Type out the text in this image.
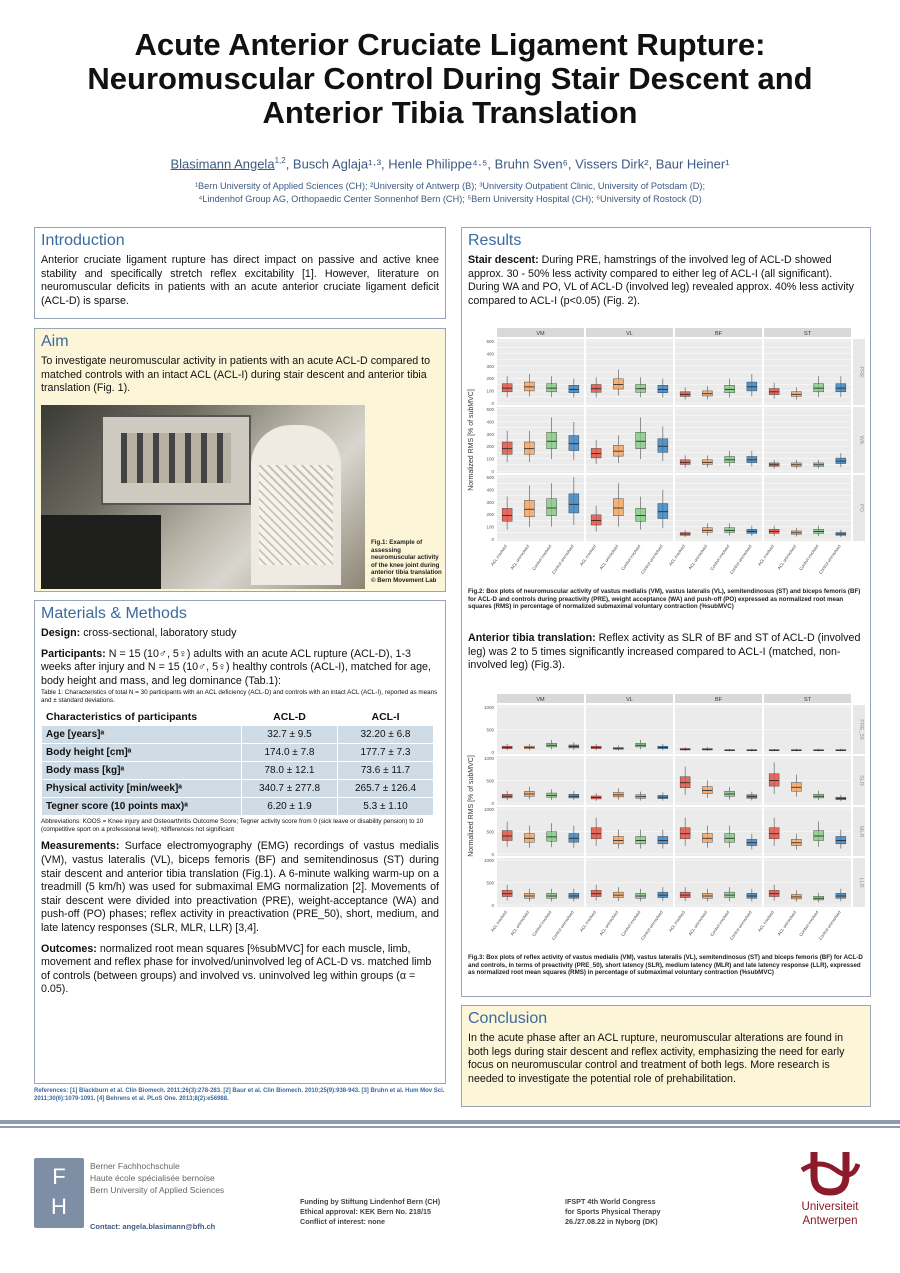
Acute Anterior Cruciate Ligament Rupture: Neuromuscular Control During Stair Descent and Anterior Tibia Translation
Blasimann Angela$^{1,2}$, Busch Aglaja¹·³, Henle Philippe⁴·⁵, Bruhn Sven⁶, Vissers Dirk², Baur Heiner¹
¹Bern University of Applied Sciences (CH); ²University of Antwerp (B); ³University Outpatient Clinic, University of Potsdam (D);
⁴Lindenhof Group AG, Orthopaedic Center Sonnenhof Bern (CH); ⁵Bern University Hospital (CH); ⁶University of Rostock (D)
Introduction
Anterior cruciate ligament rupture has direct impact on passive and active knee stability and specifically stretch reflex excitability [1]. However, literature on neuromuscular deficits in patients with an acute anterior cruciate ligament deficit (ACL-D) is sparse.
Aim
To investigate neuromuscular activity in patients with an acute ACL-D compared to matched controls with an intact ACL (ACL-I) during stair descent and anterior tibia translation (Fig. 1).
Fig.1: Example of assessing neuromuscular activity of the knee joint during anterior tibia translation © Bern Movement Lab
Materials & Methods
Design: cross-sectional, laboratory study
Participants: N = 15 (10♂, 5♀) adults with an acute ACL rupture (ACL-D), 1-3 weeks after injury and N = 15 (10♂, 5♀) healthy controls (ACL-I), matched for age, body height and mass, and leg dominance (Tab.1):
Table 1: Characteristics of total N = 30 participants with an ACL deficiency (ACL-D) and controls with an intact ACL (ACL-I), reported as means and ± standard deviations.
Characteristics of participants	ACL-D	ACL-I
Age [years]ᵃ	32.7 ± 9.5	32.20 ± 6.8
Body height [cm]ᵃ	174.0 ± 7.8	177.7 ± 7.3
Body mass [kg]ᵃ	78.0 ± 12.1	73.6 ± 11.7
Physical activity [min/week]ᵃ	340.7 ± 277.8	265.7 ± 126.4
Tegner score (10 points max)ᵃ	6.20 ± 1.9	5.3 ± 1.10
Abbreviations: KOOS = Knee injury and Osteoarthritis Outcome Score; Tegner activity score from 0 (sick leave or disability pension) to 10 (competitive sport on a professional level); ᵃdifferences not significant
Measurements: Surface electromyography (EMG) recordings of vastus medialis (VM), vastus lateralis (VL), biceps femoris (BF) and semitendinosus (ST) during stair descent and anterior tibia translation (Fig.1). A 6-minute walking warm-up on a treadmill (5 km/h) was used for submaximal EMG normalization [2]. Movements of stair descent were divided into preactivation (PRE), weight-acceptance (WA) and push-off (PO) phases; reflex activity in preactivation (PRE_50), short, medium, and late latency responses (SLR, MLR, LLR) [3,4].
Outcomes: normalized root mean squares [%subMVC] for each muscle, limb, movement and reflex phase for involved/uninvolved leg of ACL-D vs. matched limb of controls (between groups) and involved vs. uninvolved leg within groups (α = 0.05).
References: [1] Blackburn et al. Clin Biomech. 2011;26(3):278-283. [2] Baur et al. Clin Biomech. 2010;25(9):938-943. [3] Bruhn et al. Hum Mov Sci. 2011;30(6):1079-1091. [4] Behrens et al. PLoS One. 2013;8(2):e56988.
Results
Stair descent: During PRE, hamstrings of the involved leg of ACL-D showed approx. 30 - 50% less activity compared to either leg of ACL-I (all significant). During WA and PO, VL of ACL-D (involved leg) revealed approx. 40% less activity compared to ACL-I (p<0.05) (Fig. 2).
Normalized RMS [% of subMVC]
VM	VL	BF	ST
0
100
200
300
400
500
0
100
200
300
400
500
0
100
200
300
400
500
ACL involved ACL uninvolved Control involved
Control uninvolved ACL involved ACL uninvolved Control involved
Control uninvolved ACL involved ACL uninvolved Control involved
Control uninvolved ACL involved ACL uninvolved Control involved
Control uninvolved
Fig.2: Box plots of neuromuscular activity of vastus medialis (VM), vastus lateralis (VL), semitendinosus (ST) and biceps femoris (BF) for ACL-D and controls during preactivity (PRE), weight acceptance (WA) and push-off (PO) expressed as normalized root mean squares (RMS) in percentage of normalized submaximal voluntary contraction (%subMVC)
Anterior tibia translation: Reflex activity as SLR of BF and ST of ACL-D (involved leg) was 2 to 5 times significantly increased compared to ACL-I (matched, non-involved leg) (Fig.3).
Normalized RMS [% of subMVC]
VM	VL	BF	ST
0
500
1000
0
500
1000
0
500
1000
0
500
1000
ACL involved ACL uninvolved Control involved
Control uninvolved ACL involved ACL uninvolved Control involved
Control uninvolved ACL involved ACL uninvolved Control involved
Control uninvolved ACL involved ACL uninvolved Control involved
Control uninvolved
Fig.3: Box plots of reflex activity of vastus medialis (VM), vastus lateralis (VL), semitendinosus (ST) and biceps femoris (BF) for ACL-D and controls, in terms of preactivity (PRE_50), short latency (SLR), medium latency (MLR) and late latency response (LLR), expressed as normalized root mean squares (RMS) in percentage of submaximal voluntary contraction (%subMVC)
Conclusion
In the acute phase after an ACL rupture, neuromuscular alterations are found in both legs during stair descent and reflex activity, emphasizing the need for early focus on neuromuscular control and treatment of both legs. More research is needed to investigate the potential role of prehabilitation.
F
H
Berner Fachhochschule
Haute école spécialisée bernoise
Bern University of Applied Sciences
Contact: angela.blasimann@bfh.ch
Funding by Stiftung Lindenhof Bern (CH)
Ethical approval: KEK Bern No. 218/15
Conflict of interest: none
IFSPT 4th World Congress
for Sports Physical Therapy
26./27.08.22 in Nyborg (DK)
Universiteit
Antwerpen
